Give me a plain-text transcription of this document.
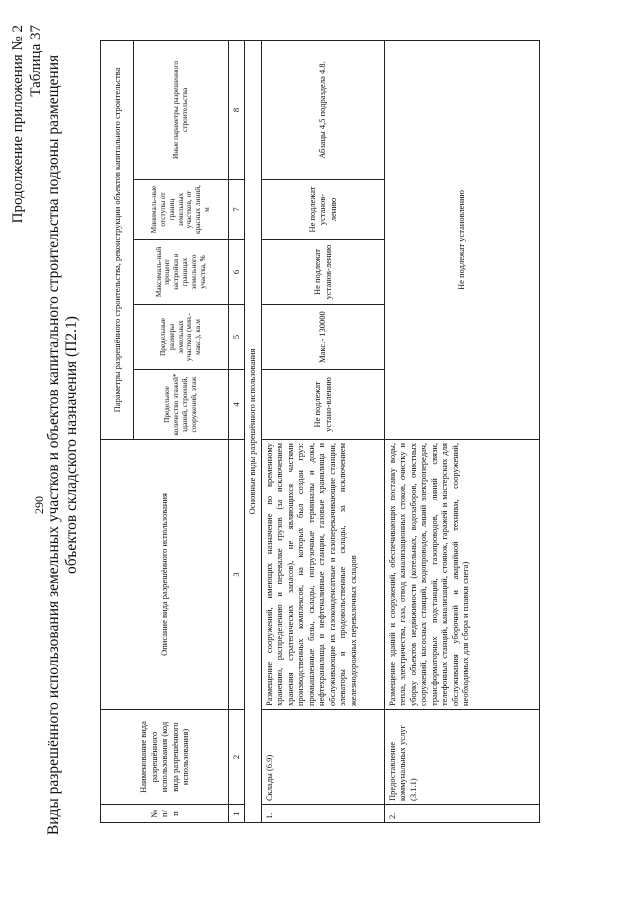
Продолжение приложения № 2 Таблица 37
290 Виды разрешённого использования земельных участков и объектов капитального строительства подзоны размещения объектов складского назначения (П2.1)
№ п/п	Наименование вида разрешённого использования (код вида разрешённого использования)	Описание вида разрешённого использования	Параметры разрешённого строительства, реконструкции объектов капитального строительства				
			Предельное количество этажей* зданий, строений, сооружений, этаж	Предельные размеры земельных участков (мин.-макс.), кв.м	Максималь-ный процент застройки в границах земельного участка, %	Минималь-ные отступы от границ земельных участков, от красных линий, м	Иные параметры разрешенного строительства
1	2	3	4	5	6	7	8
Основные виды разрешённого использования							
1.	Склады (6.9)	Размещение сооружений, имеющих назначение по временному хранению, распределению и перевалке грузов (за исключением хранения стратегических запасов), не являющихся частями производственных комплексов, на которых был создан груз: промышленные базы, склады, погрузочные терминалы и доки, нефтехранилища и нефтеналивные станции, газовые хранилища и обслуживающие их газоконденсатные и газоперекачивающие станции, элеваторы и продовольственные склады, за исключением железнодорожных перевалочных складов	Не подлежат устано-влению	Макс.- 130000	Не подлежат установ-лению	Не подлежат установ-лению	Абзацы 4,5 подраздела 4.8.
2.	Предоставление коммунальных услуг (3.1.1)	Размещение зданий и сооружений, обеспечивающих поставку воды, тепла, электричества, газа, отвод канализационных стоков, очистку и уборку объектов недвижимости (котельных, водозаборов, очистных сооружений, насосных станций, водопроводов, линий электропередач, трансформаторных подстанций, газопроводов, линий связи, телефонных станций, канализаций, стоянок, гаражей и мастерских для обслуживания уборочной и аварийной техники, сооружений, необходимых для сбора и плавки снега)	Не подлежат установлению				
